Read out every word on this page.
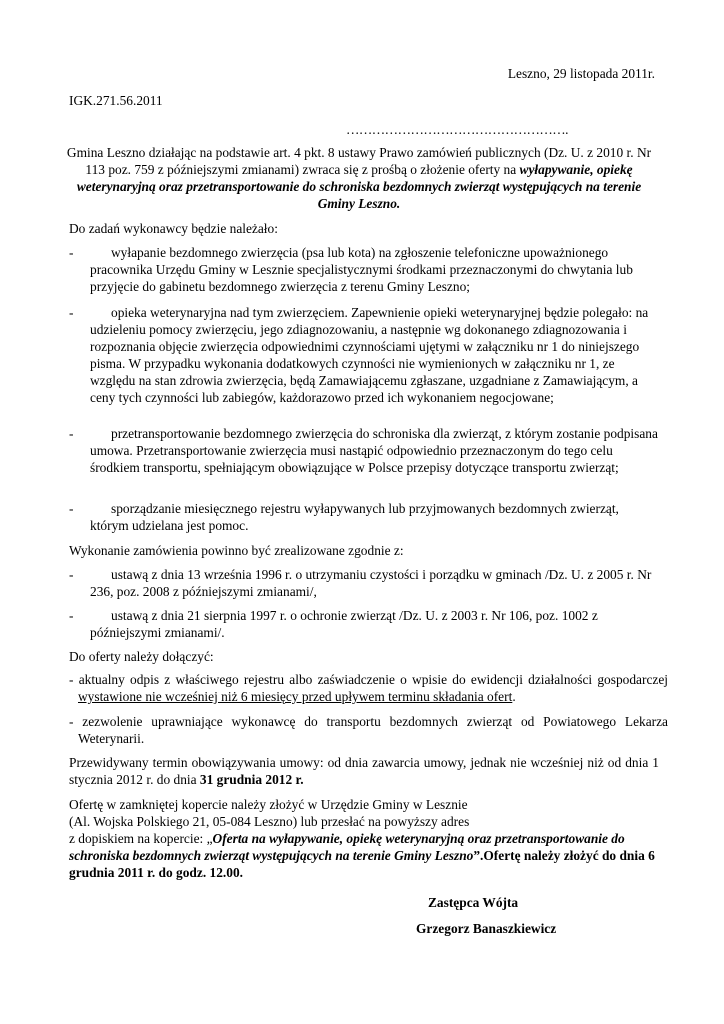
Leszno, 29 listopada 2011r.
IGK.271.56.2011
…………………………………………….
Gmina Leszno działając na podstawie art. 4 pkt. 8 ustawy Prawo zamówień publicznych (Dz. U. z 2010 r. Nr 113 poz. 759 z późniejszymi zmianami) zwraca się z prośbą o złożenie oferty na wyłapywanie, opiekę weterynaryjną oraz przetransportowanie do schroniska bezdomnych zwierząt występujących na terenie Gminy Leszno.
Do zadań wykonawcy będzie należało:
-	wyłapanie bezdomnego zwierzęcia (psa lub kota) na zgłoszenie telefoniczne upoważnionego pracownika Urzędu Gminy w Lesznie specjalistycznymi środkami przeznaczonymi do chwytania lub przyjęcie do gabinetu bezdomnego zwierzęcia z terenu Gminy Leszno;
-	opieka weterynaryjna nad tym zwierzęciem. Zapewnienie opieki weterynaryjnej będzie polegało: na udzieleniu pomocy zwierzęciu, jego zdiagnozowaniu, a następnie wg dokonanego zdiagnozowania i rozpoznania objęcie zwierzęcia odpowiednimi czynnościami ujętymi w załączniku nr 1 do niniejszego pisma. W przypadku wykonania dodatkowych czynności nie wymienionych w załączniku nr 1, ze względu na stan zdrowia zwierzęcia, będą Zamawiającemu zgłaszane, uzgadniane z Zamawiającym, a ceny tych czynności lub zabiegów, każdorazowo przed ich wykonaniem negocjowane;
-	przetransportowanie bezdomnego zwierzęcia do schroniska dla zwierząt, z którym zostanie podpisana umowa. Przetransportowanie zwierzęcia musi nastąpić odpowiednio przeznaczonym do tego celu środkiem transportu, spełniającym obowiązujące w Polsce przepisy dotyczące transportu zwierząt;
-	sporządzanie miesięcznego rejestru wyłapywanych lub przyjmowanych bezdomnych zwierząt, którym udzielana jest pomoc.
Wykonanie zamówienia powinno być zrealizowane zgodnie z:
-	ustawą z dnia 13 września 1996 r. o utrzymaniu czystości i porządku w gminach /Dz. U. z 2005 r. Nr 236, poz. 2008 z późniejszymi zmianami/,
-	ustawą z dnia 21 sierpnia 1997 r. o ochronie zwierząt /Dz. U. z 2003 r. Nr 106, poz. 1002 z późniejszymi zmianami/.
Do oferty należy dołączyć:
- aktualny odpis z właściwego rejestru albo zaświadczenie o wpisie do ewidencji działalności gospodarczej wystawione nie wcześniej niż 6 miesięcy przed upływem terminu składania ofert.
- zezwolenie uprawniające wykonawcę do transportu bezdomnych zwierząt od Powiatowego Lekarza Weterynarii.
Przewidywany termin obowiązywania umowy: od dnia zawarcia umowy, jednak nie wcześniej niż od dnia 1 stycznia 2012 r. do dnia 31 grudnia 2012 r.
Ofertę w zamkniętej kopercie należy złożyć w Urzędzie Gminy w Lesznie
(Al. Wojska Polskiego 21, 05-084 Leszno) lub przesłać na powyższy adres
z dopiskiem na kopercie: „Oferta na wyłapywanie, opiekę weterynaryjną oraz przetransportowanie do schroniska bezdomnych zwierząt występujących na terenie Gminy Leszno”.Ofertę należy złożyć do dnia 6 grudnia 2011 r. do godz. 12.00.
Zastępca Wójta
Grzegorz Banaszkiewicz
